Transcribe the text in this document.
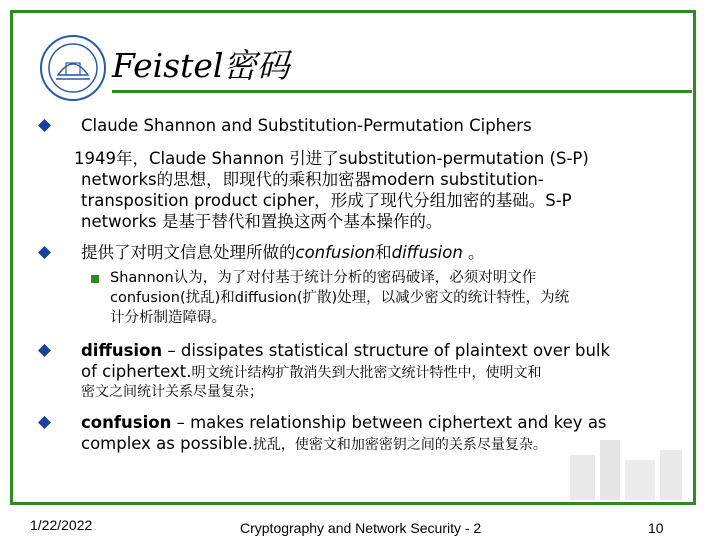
Feistel密码
Claude Shannon and Substitution-Permutation Ciphers
1949年，Claude Shannon 引进了substitution-permutation (S-P)
networks的思想，即现代的乘积加密器modern substitution-
transposition product cipher，形成了现代分组加密的基础。S-P
networks 是基于替代和置换这两个基本操作的。
提供了对明文信息处理所做的confusion和diffusion 。
Shannon认为，为了对付基于统计分析的密码破译，必须对明文作
confusion(扰乱)和diffusion(扩散)处理，以减少密文的统计特性，为统
计分析制造障碍。
diffusion – dissipates statistical structure of plaintext over bulk
of ciphertext.明文统计结构扩散消失到大批密文统计特性中，使明文和
密文之间统计关系尽量复杂；
confusion – makes relationship between ciphertext and key as
complex as possible.扰乱，使密文和加密密钥之间的关系尽量复杂。
1/22/2022	Cryptography and Network Security - 2	10
